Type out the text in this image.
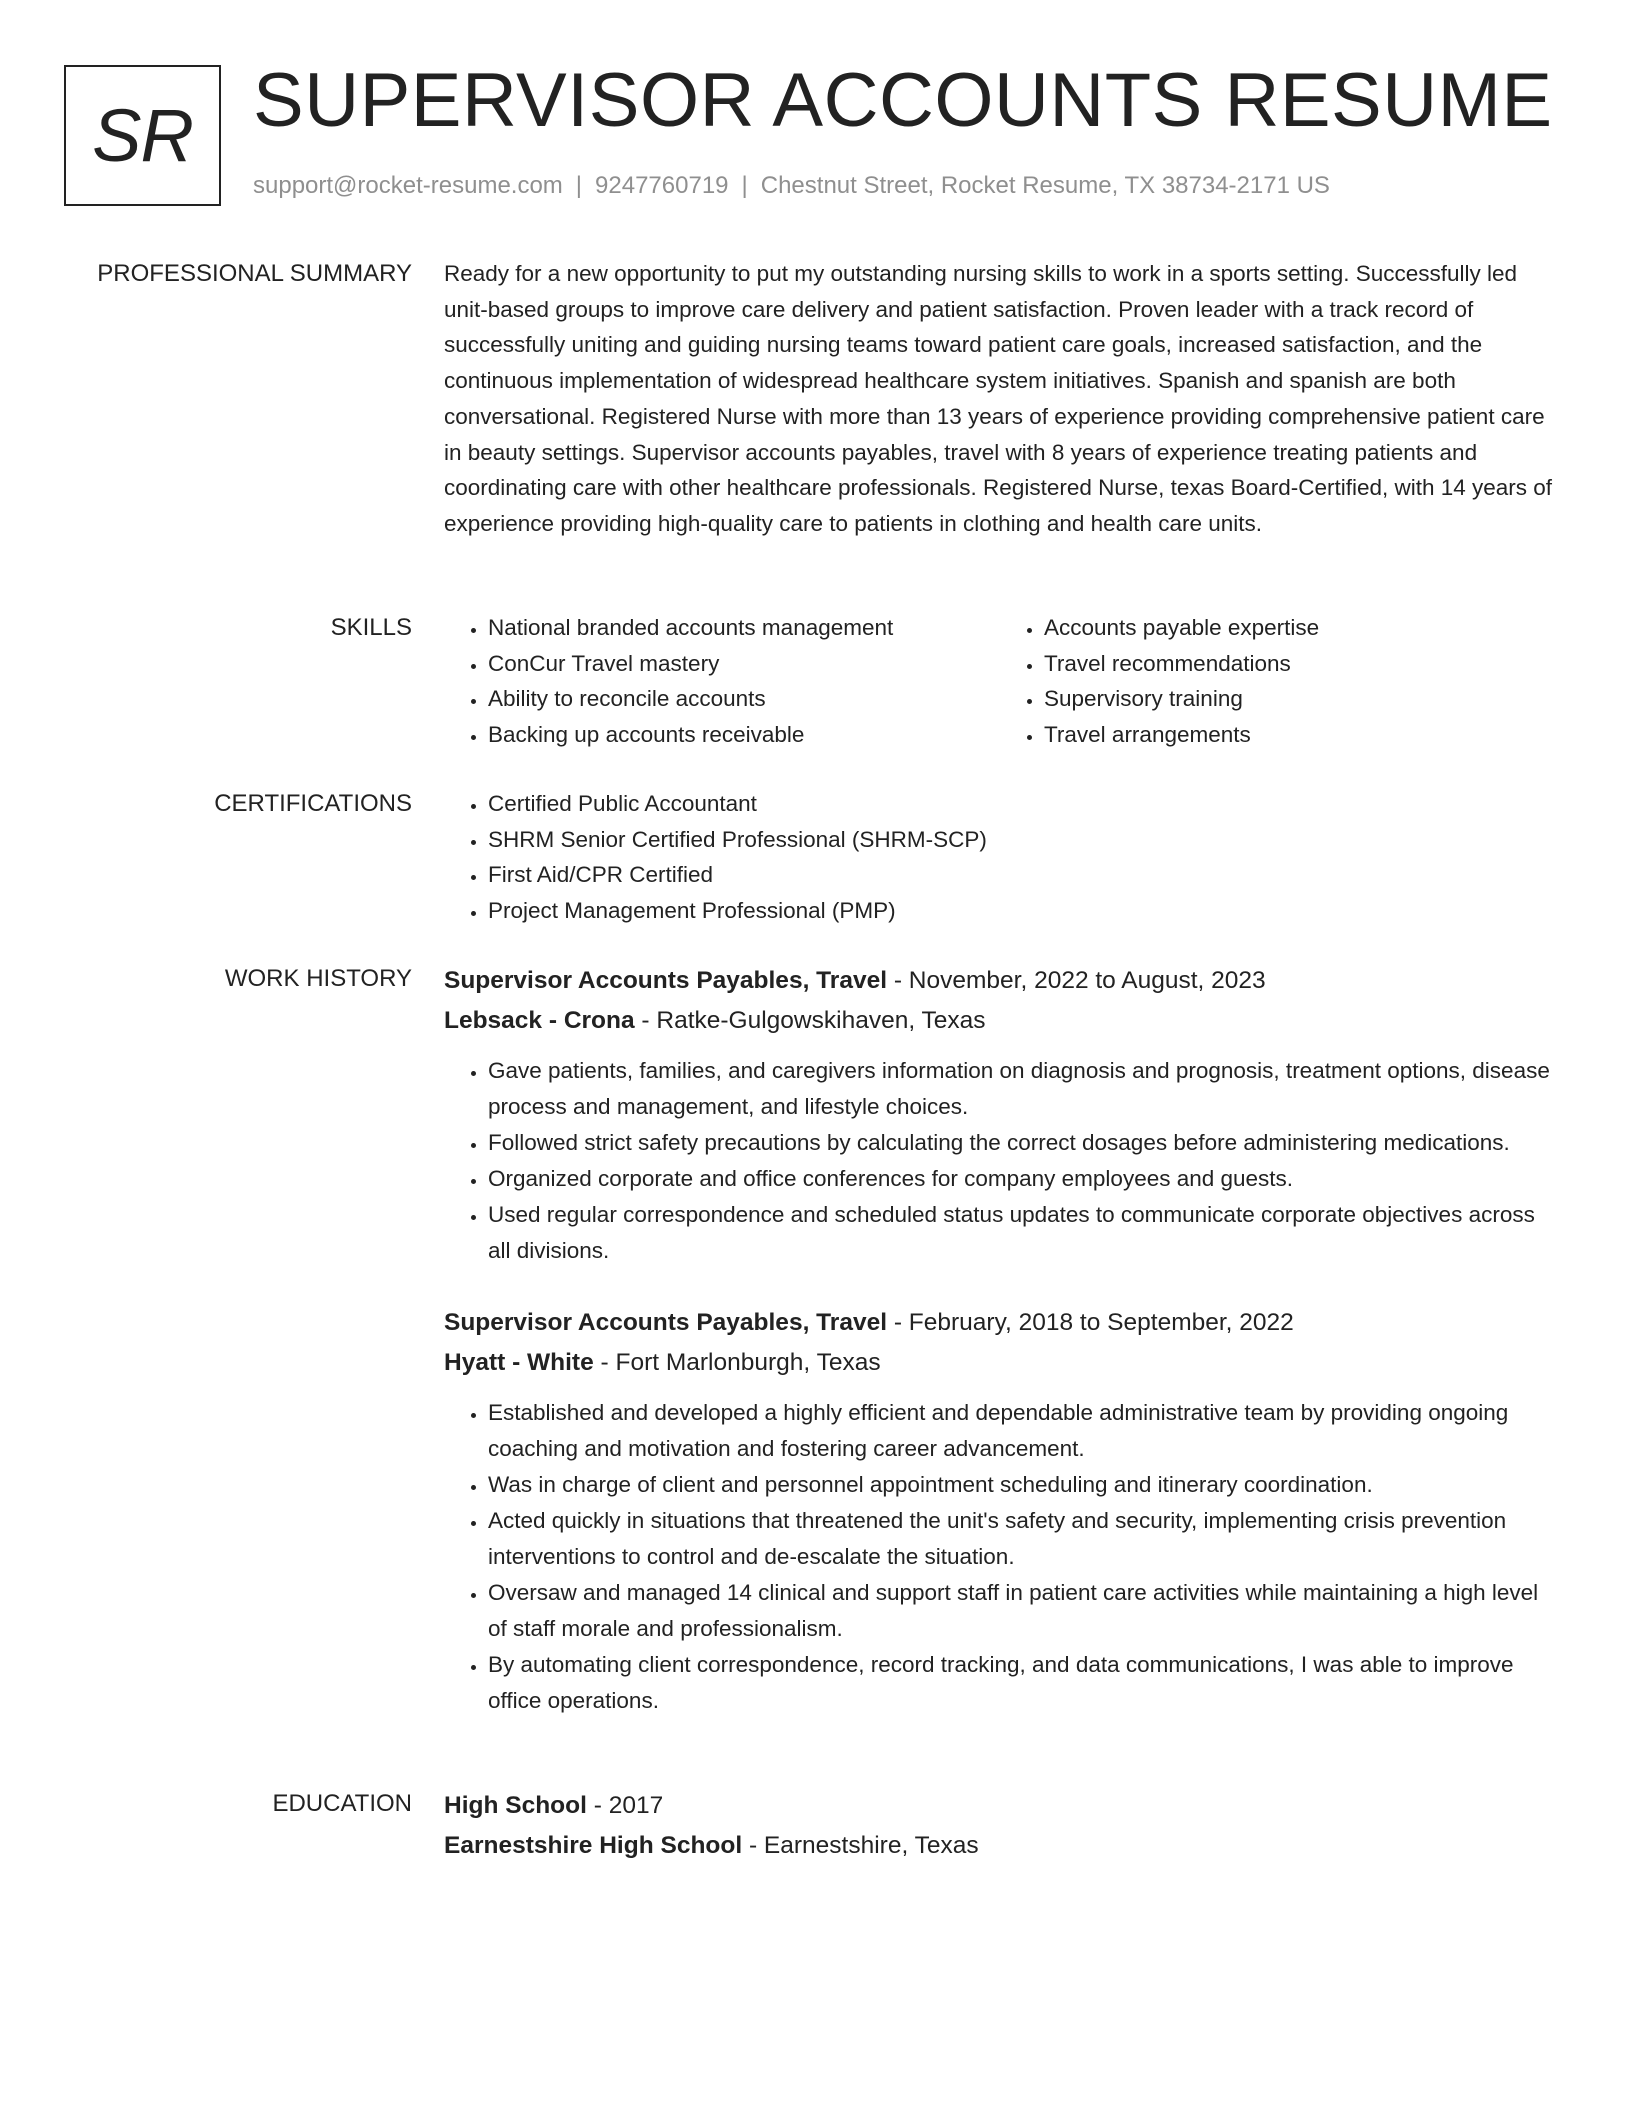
SR SUPERVISOR ACCOUNTS RESUME
support@rocket-resume.com | 9247760719 | Chestnut Street, Rocket Resume, TX 38734-2171 US
PROFESSIONAL SUMMARY Ready for a new opportunity to put my outstanding nursing skills to work in a sports setting. Successfully led unit-based groups to improve care delivery and patient satisfaction. Proven leader with a track record of successfully uniting and guiding nursing teams toward patient care goals, increased satisfaction, and the continuous implementation of widespread healthcare system initiatives. Spanish and spanish are both conversational. Registered Nurse with more than 13 years of experience providing comprehensive patient care in beauty settings. Supervisor accounts payables, travel with 8 years of experience treating patients and coordinating care with other healthcare professionals. Registered Nurse, texas Board-Certified, with 14 years of experience providing high-quality care to patients in clothing and health care units.

SKILLS	• National branded accounts management
• ConCur Travel mastery
• Ability to reconcile accounts
• Backing up accounts receivable
• Accounts payable expertise
• Travel recommendations
• Supervisory training
• Travel arrangements
CERTIFICATIONS	• Certified Public Accountant
• SHRM Senior Certified Professional (SHRM-SCP)
• First Aid/CPR Certified
• Project Management Professional (PMP)
WORK HISTORY Supervisor Accounts Payables, Travel - November, 2022 to August, 2023
Lebsack - Crona - Ratke-Gulgowskihaven, Texas
• Gave patients, families, and caregivers information on diagnosis and prognosis, treatment options, disease process and management, and lifestyle choices.
• Followed strict safety precautions by calculating the correct dosages before administering medications.
• Organized corporate and office conferences for company employees and guests.
• Used regular correspondence and scheduled status updates to communicate corporate objectives across all divisions.
Supervisor Accounts Payables, Travel - February, 2018 to September, 2022
Hyatt - White - Fort Marlonburgh, Texas
• Established and developed a highly efficient and dependable administrative team by providing ongoing coaching and motivation and fostering career advancement.
• Was in charge of client and personnel appointment scheduling and itinerary coordination.
• Acted quickly in situations that threatened the unit's safety and security, implementing crisis prevention interventions to control and de-escalate the situation.
• Oversaw and managed 14 clinical and support staff in patient care activities while maintaining a high level of staff morale and professionalism.
• By automating client correspondence, record tracking, and data communications, I was able to improve office operations.
EDUCATION High School - 2017
Earnestshire High School - Earnestshire, Texas
